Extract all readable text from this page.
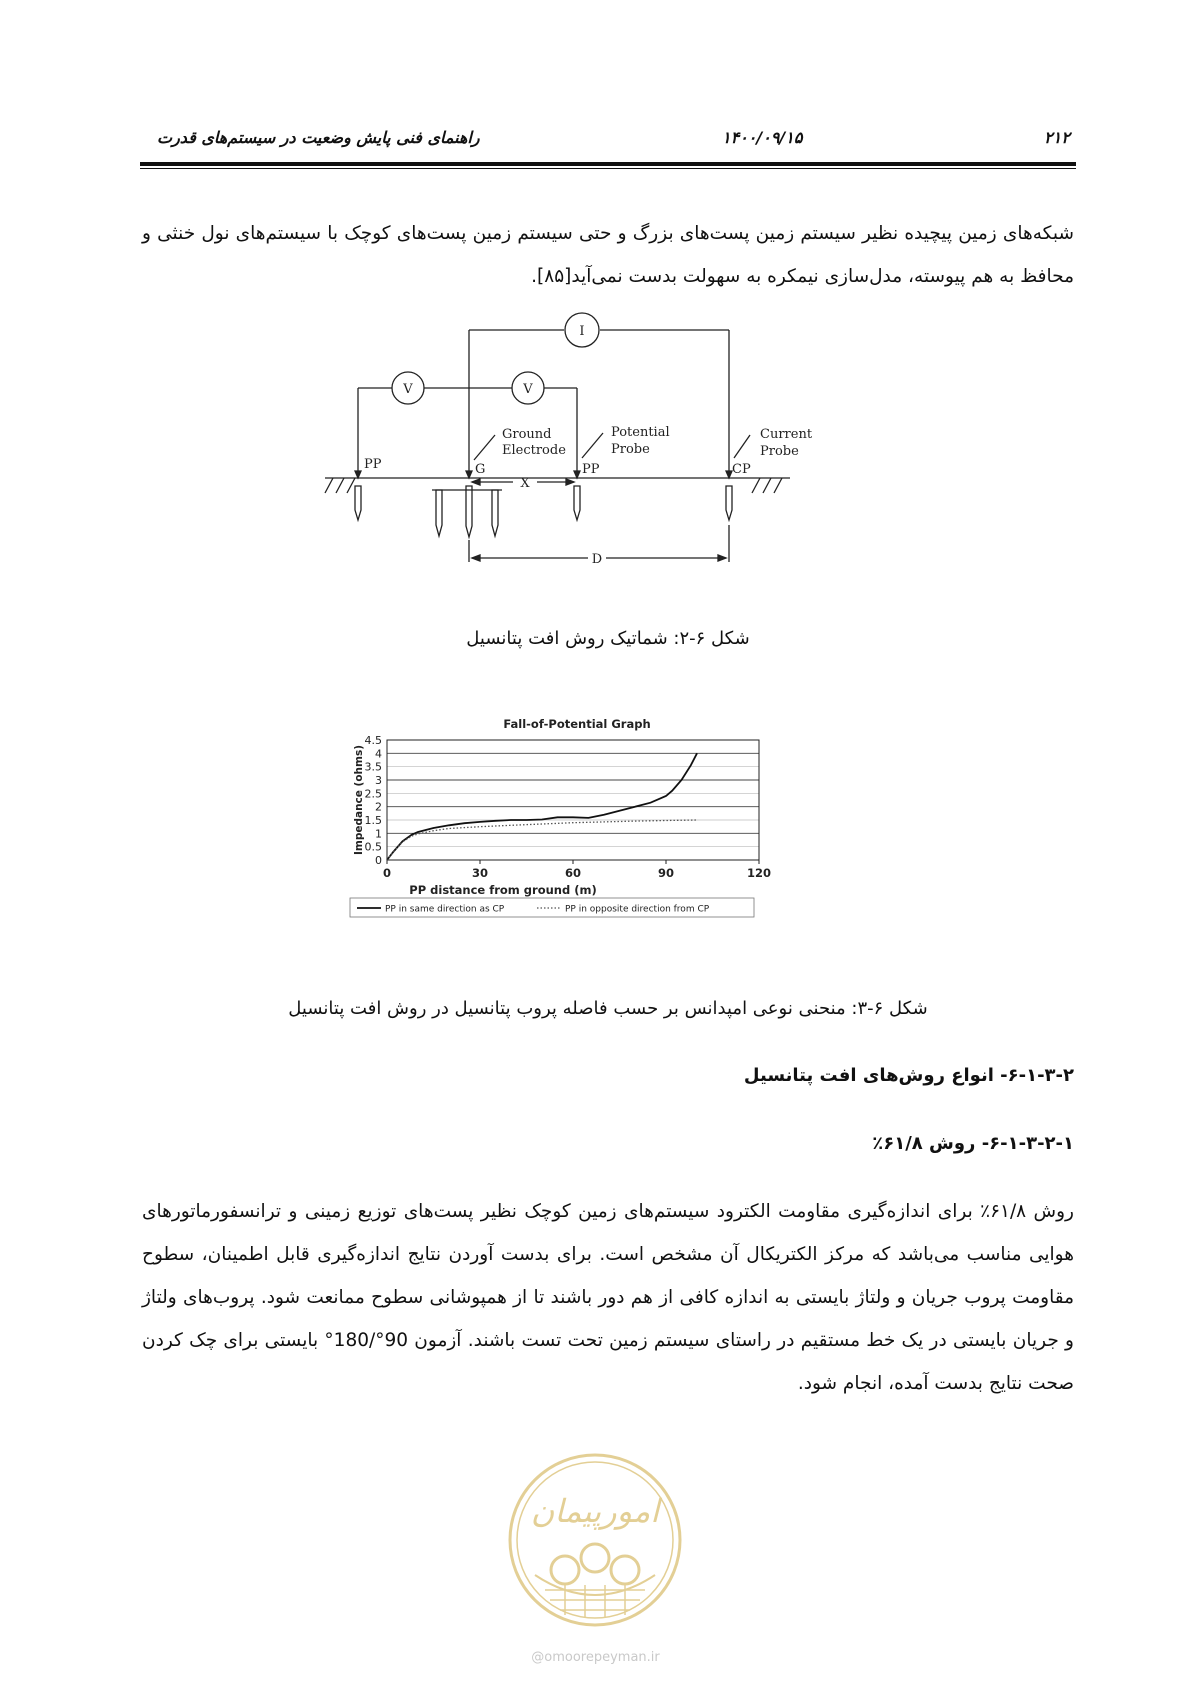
راهنمای فنی پایش وضعیت در سیستم‌های قدرت	۱۴۰۰/۰۹/۱۵	۲۱۲
شبکه‌های زمین پیچیده نظیر سیستم زمین پست‌های بزرگ و حتی سیستم زمین پست‌های کوچک با سیستم‌های نول خنثی و محافظ به هم پیوسته، مدل‌سازی نیمکره به سهولت بدست نمی‌آید[۸۵].
I
V	V
PP	G	PP	CP
Ground
Electrode
Potential
Probe
Current
Probe
X
D
شکل ۶-۲: شماتیک روش افت پتانسیل
Fall-of-Potential Graph
0
0.5
1
1.5
2
2.5
3
3.5
4
4.5
0	30	60	90	120
PP distance from ground (m)
Impedance (ohms)
PP in same direction as CP	PP in opposite direction from CP
شکل ۶-۳: منحنی نوعی امپدانس بر حسب فاصله پروب پتانسیل در روش افت پتانسیل
۶-۱-۳-۲- انواع روش‌های افت پتانسیل
۶-۱-۳-۲-۱- روش ۶۱/۸٪
روش ۶۱/۸٪ برای اندازه‌گیری مقاومت الکترود سیستم‌های زمین کوچک نظیر پست‌های توزیع زمینی و ترانسفورماتورهای هوایی مناسب می‌باشد که مرکز الکتریکال آن مشخص است. برای بدست آوردن نتایج اندازه‌گیری قابل اطمینان، سطوح مقاومت پروب جریان و ولتاژ بایستی به اندازه کافی از هم دور باشند تا از همپوشانی سطوح ممانعت شود. پروب‌های ولتاژ و جریان بایستی در یک خط مستقیم در راستای سیستم زمین تحت تست باشند. آزمون 90°/180° بایستی برای چک کردن صحت نتایج بدست آمده، انجام شود.
امورپیمان
@omoorepeyman.ir
